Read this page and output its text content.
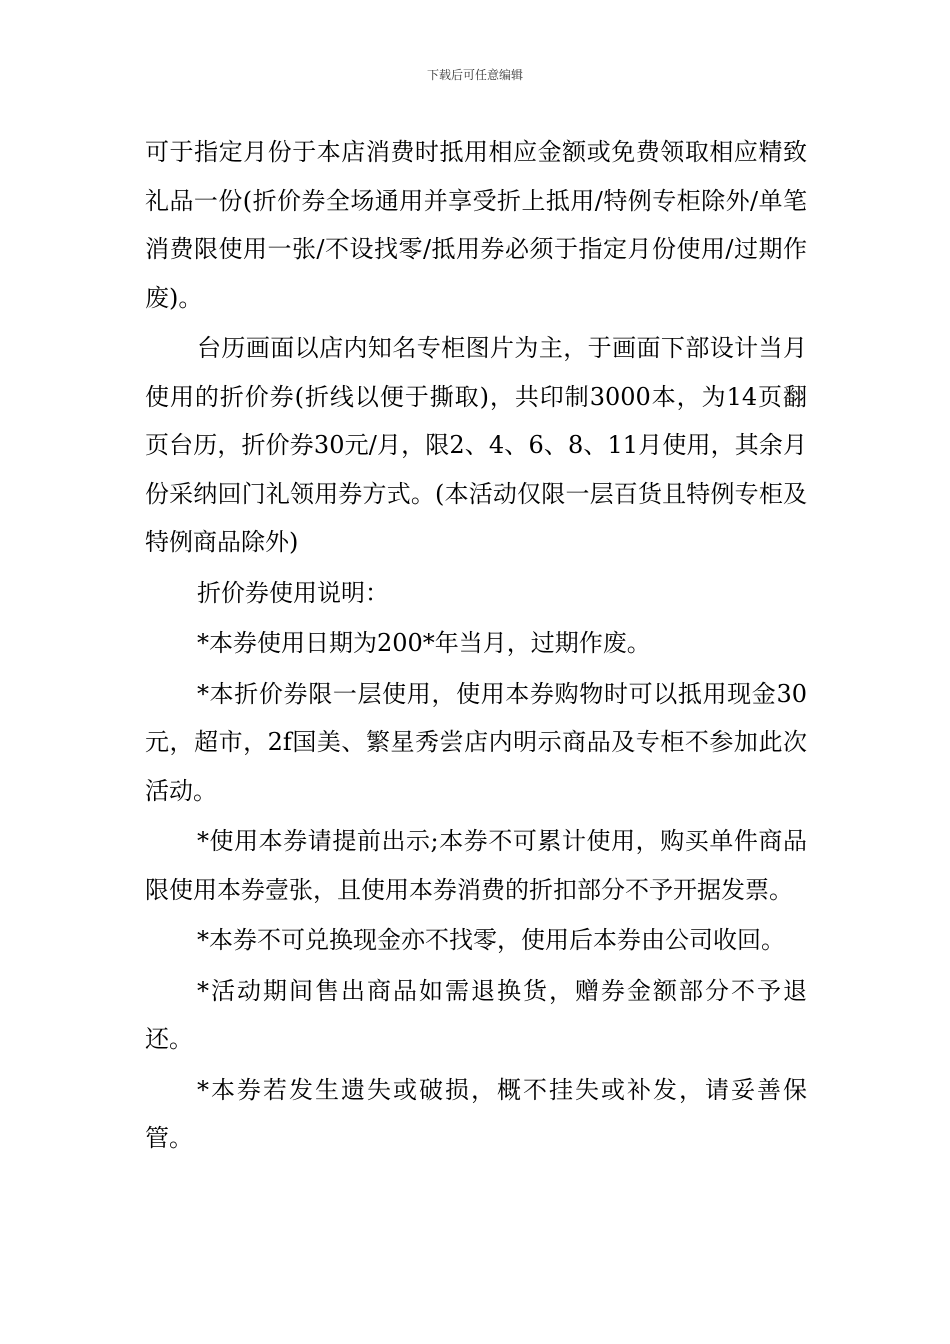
下载后可任意编辑

可于指定月份于本店消费时抵用相应金额或免费领取相应精致礼品一份(折价券全场通用并享受折上抵用/特例专柜除外/单笔消费限使用一张/不设找零/抵用券必须于指定月份使用/过期作废)。

台历画面以店内知名专柜图片为主，于画面下部设计当月使用的折价券(折线以便于撕取)，共印制3000本，为14页翻页台历，折价券30元/月，限2、4、6、8、11月使用，其余月份采纳回门礼领用券方式。(本活动仅限一层百货且特例专柜及特例商品除外)

折价券使用说明：

*本券使用日期为200*年当月，过期作废。

*本折价券限一层使用，使用本券购物时可以抵用现金30元，超市，2f国美、繁星秀尝店内明示商品及专柜不参加此次活动。

*使用本券请提前出示;本券不可累计使用，购买单件商品限使用本券壹张，且使用本券消费的折扣部分不予开据发票。

*本券不可兑换现金亦不找零，使用后本券由公司收回。

*活动期间售出商品如需退换货，赠券金额部分不予退还。

*本券若发生遗失或破损，概不挂失或补发，请妥善保管。
